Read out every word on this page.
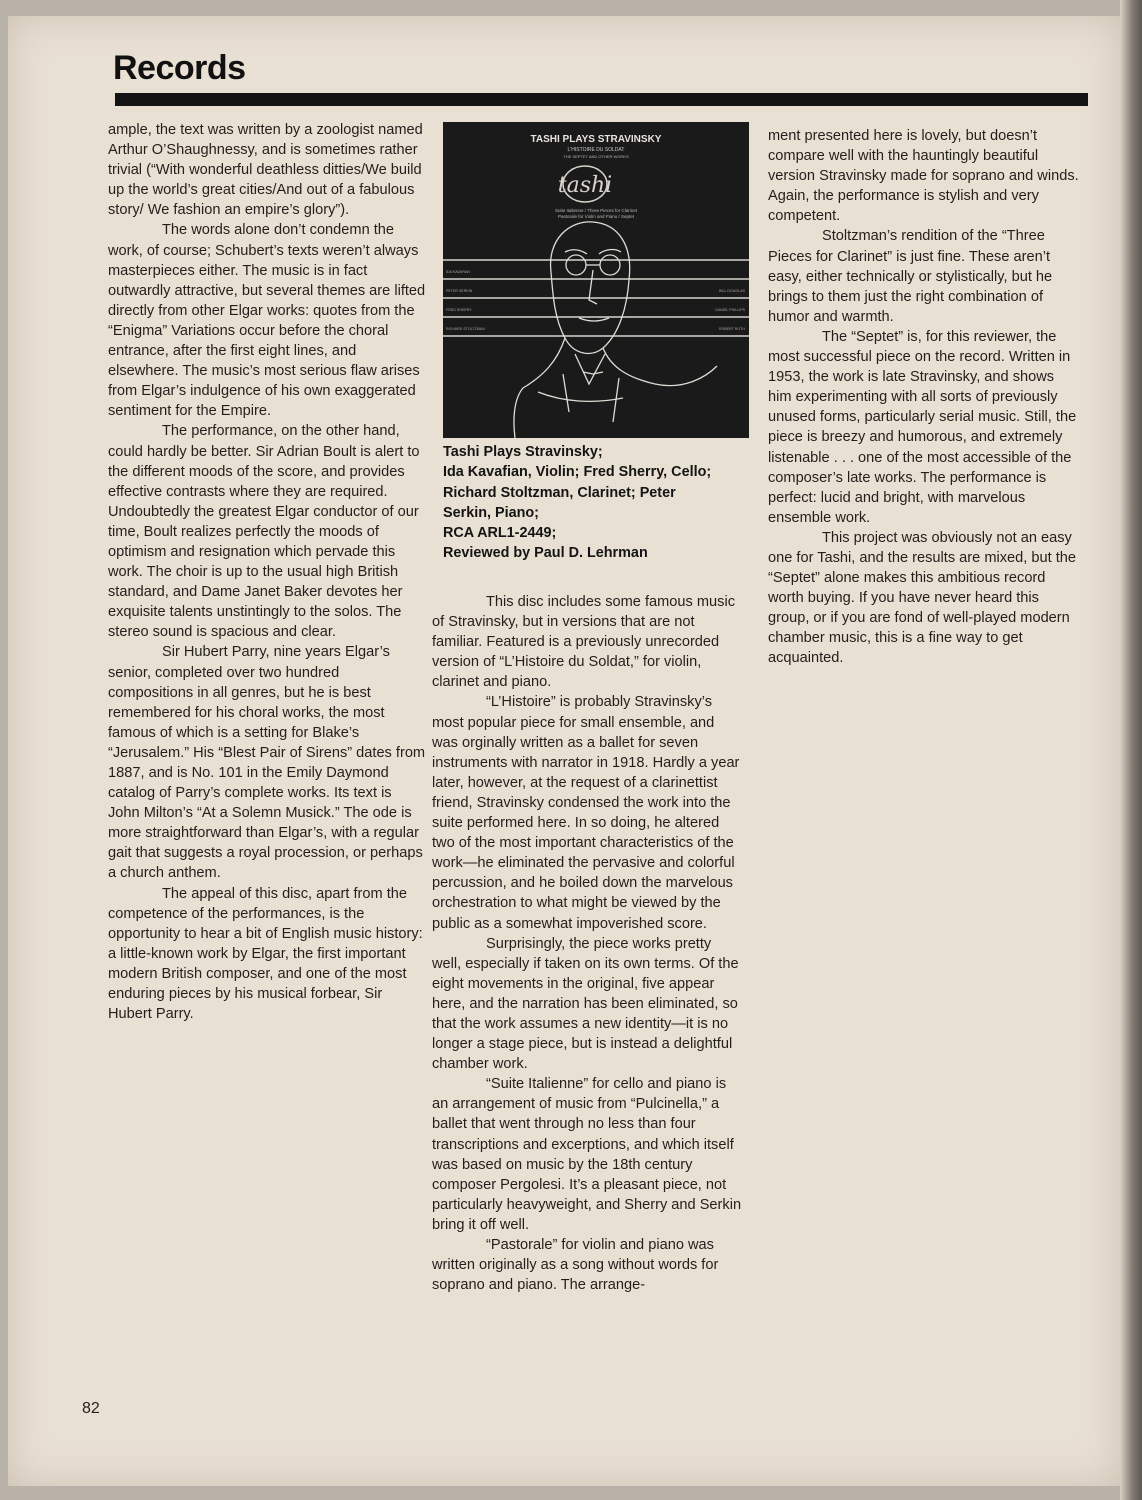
Records

ample, the text was written by a zoologist named Arthur O’Shaughnessy, and is sometimes rather trivial (“With wonderful deathless ditties/We build up the world’s great cities/And out of a fabulous story/ We fashion an empire’s glory”).

The words alone don’t condemn the work, of course; Schubert’s texts weren’t always masterpieces either. The music is in fact outwardly attractive, but several themes are lifted directly from other Elgar works: quotes from the “Enigma” Variations occur before the choral entrance, after the first eight lines, and elsewhere. The music’s most serious flaw arises from Elgar’s indulgence of his own exaggerated sentiment for the Empire.

The performance, on the other hand, could hardly be better. Sir Adrian Boult is alert to the different moods of the score, and provides effective contrasts where they are required. Undoubtedly the greatest Elgar conductor of our time, Boult realizes perfectly the moods of optimism and resignation which pervade this work. The choir is up to the usual high British standard, and Dame Janet Baker devotes her exquisite talents unstintingly to the solos. The stereo sound is spacious and clear.

Sir Hubert Parry, nine years Elgar’s senior, completed over two hundred compositions in all genres, but he is best remembered for his choral works, the most famous of which is a setting for Blake’s “Jerusalem.” His “Blest Pair of Sirens” dates from 1887, and is No. 101 in the Emily Daymond catalog of Parry’s complete works. Its text is John Milton’s “At a Solemn Musick.” The ode is more straightforward than Elgar’s, with a regular gait that suggests a royal procession, or perhaps a church anthem.

The appeal of this disc, apart from the competence of the performances, is the opportunity to hear a bit of English music history: a little-known work by Elgar, the first important modern British composer, and one of the most enduring pieces by his musical forbear, Sir Hubert Parry.

TASHI PLAYS STRAVINSKY
L'HISTOIRE DU SOLDAT
THE SEPTET AND OTHER WORKS
tashi
Suite Italienne / Three Pieces for Clarinet
Pastorale for Violin and Piano / Septet
IDA KAVAFIAN
PETER SERKIN
FRED SHERRY
RICHARD STOLTZMAN
BILL DOUGLAS
DANIEL PHILLIPS
ROBERT ROTH
Tashi Plays Stravinsky;
Ida Kavafian, Violin; Fred Sherry, Cello;
Richard Stoltzman, Clarinet; Peter
Serkin, Piano;
RCA ARL1-2449;
Reviewed by Paul D. Lehrman

This disc includes some famous music of Stravinsky, but in versions that are not familiar. Featured is a previously unrecorded version of “L’Histoire du Soldat,” for violin, clarinet and piano.

“L’Histoire” is probably Stravinsky’s most popular piece for small ensemble, and was orginally written as a ballet for seven instruments with narrator in 1918. Hardly a year later, however, at the request of a clarinettist friend, Stravinsky condensed the work into the suite performed here. In so doing, he altered two of the most important characteristics of the work—he eliminated the pervasive and colorful percussion, and he boiled down the marvelous orchestration to what might be viewed by the public as a somewhat impoverished score.

Surprisingly, the piece works pretty well, especially if taken on its own terms. Of the eight movements in the original, five appear here, and the narration has been eliminated, so that the work assumes a new identity—it is no longer a stage piece, but is instead a delightful chamber work.

“Suite Italienne” for cello and piano is an arrangement of music from “Pulcinella,” a ballet that went through no less than four transcriptions and excerptions, and which itself was based on music by the 18th century composer Pergolesi. It’s a pleasant piece, not particularly heavyweight, and Sherry and Serkin bring it off well.

“Pastorale” for violin and piano was written originally as a song without words for soprano and piano. The arrange-

ment presented here is lovely, but doesn’t compare well with the hauntingly beautiful version Stravinsky made for soprano and winds. Again, the performance is stylish and very competent.

Stoltzman’s rendition of the “Three Pieces for Clarinet” is just fine. These aren’t easy, either technically or stylistically, but he brings to them just the right combination of humor and warmth.

The “Septet” is, for this reviewer, the most successful piece on the record. Written in 1953, the work is late Stravinsky, and shows him experimenting with all sorts of previously unused forms, particularly serial music. Still, the piece is breezy and humorous, and extremely listenable . . . one of the most accessible of the composer’s late works. The performance is perfect: lucid and bright, with marvelous ensemble work.

This project was obviously not an easy one for Tashi, and the results are mixed, but the “Septet” alone makes this ambitious record worth buying. If you have never heard this group, or if you are fond of well-played modern chamber music, this is a fine way to get acquainted.

82
